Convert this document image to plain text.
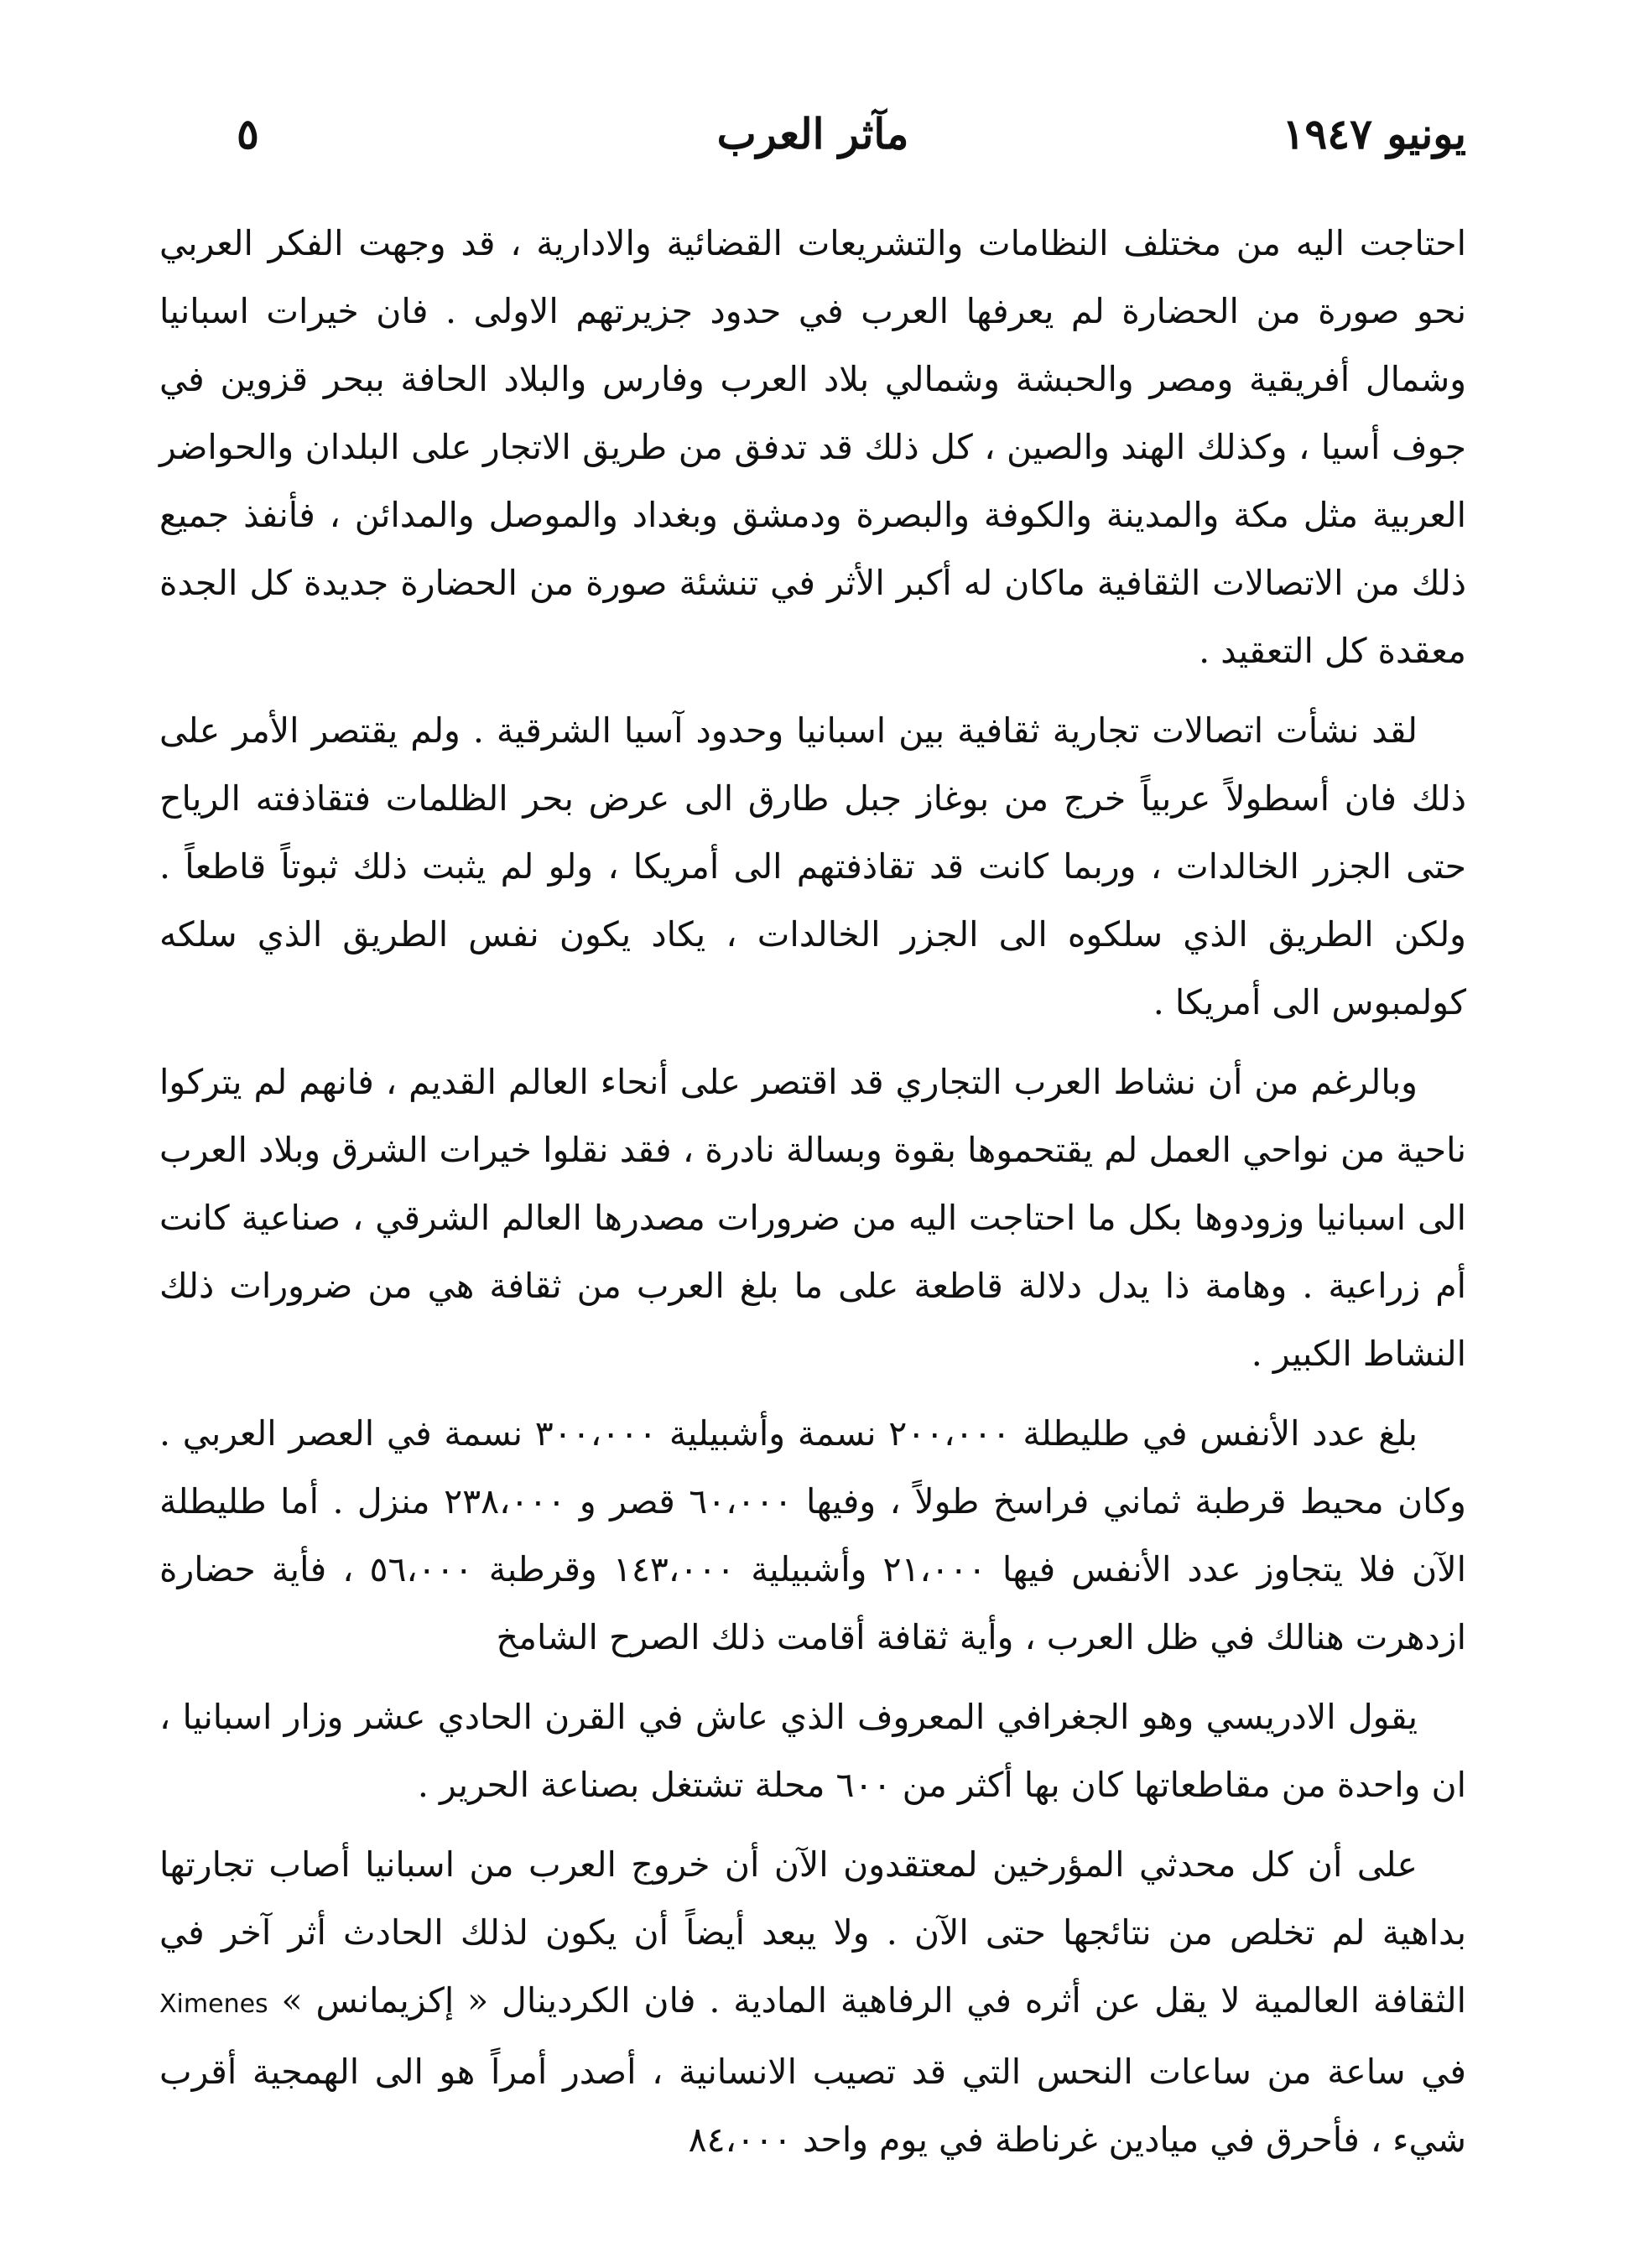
٥	مآثر العرب	يونيو ١٩٤٧

احتاجت اليه من مختلف النظامات والتشريعات القضائية والادارية ، قد وجهت الفكر العربي نحو صورة من الحضارة لم يعرفها العرب في حدود جزيرتهم الاولى . فان خيرات اسبانيا وشمال أفريقية ومصر والحبشة وشمالي بلاد العرب وفارس والبلاد الحافة ببحر قزوين في جوف أسيا ، وكذلك الهند والصين ، كل ذلك قد تدفق من طريق الاتجار على البلدان والحواضر العربية مثل مكة والمدينة والكوفة والبصرة ودمشق وبغداد والموصل والمدائن ، فأنفذ جميع ذلك من الاتصالات الثقافية ماكان له أكبر الأثر في تنشئة صورة من الحضارة جديدة كل الجدة معقدة كل التعقيد .

لقد نشأت اتصالات تجارية ثقافية بين اسبانيا وحدود آسيا الشرقية . ولم يقتصر الأمر على ذلك فان أسطولاً عربياً خرج من بوغاز جبل طارق الى عرض بحر الظلمات فتقاذفته الرياح حتى الجزر الخالدات ، وربما كانت قد تقاذفتهم الى أمريكا ، ولو لم يثبت ذلك ثبوتاً قاطعاً . ولكن الطريق الذي سلكوه الى الجزر الخالدات ، يكاد يكون نفس الطريق الذي سلكه كولمبوس الى أمريكا .

وبالرغم من أن نشاط العرب التجاري قد اقتصر على أنحاء العالم القديم ، فانهم لم يتركوا ناحية من نواحي العمل لم يقتحموها بقوة وبسالة نادرة ، فقد نقلوا خيرات الشرق وبلاد العرب الى اسبانيا وزودوها بكل ما احتاجت اليه من ضرورات مصدرها العالم الشرقي ، صناعية كانت أم زراعية . وهامة ذا يدل دلالة قاطعة على ما بلغ العرب من ثقافة هي من ضرورات ذلك النشاط الكبير .

بلغ عدد الأنفس في طليطلة ٢٠٠،٠٠٠ نسمة وأشبيلية ٣٠٠،٠٠٠ نسمة في العصر العربي . وكان محيط قرطبة ثماني فراسخ طولاً ، وفيها ٦٠،٠٠٠ قصر و ٢٣٨،٠٠٠ منزل . أما طليطلة الآن فلا يتجاوز عدد الأنفس فيها ٢١،٠٠٠ وأشبيلية ١٤٣،٠٠٠ وقرطبة ٥٦،٠٠٠ ، فأية حضارة ازدهرت هنالك في ظل العرب ، وأية ثقافة أقامت ذلك الصرح الشامخ

يقول الادريسي وهو الجغرافي المعروف الذي عاش في القرن الحادي عشر وزار اسبانيا ، ان واحدة من مقاطعاتها كان بها أكثر من ٦٠٠ محلة تشتغل بصناعة الحرير .

على أن كل محدثي المؤرخين لمعتقدون الآن أن خروج العرب من اسبانيا أصاب تجارتها بداهية لم تخلص من نتائجها حتى الآن . ولا يبعد أيضاً أن يكون لذلك الحادث أثر آخر في الثقافة العالمية لا يقل عن أثره في الرفاهية المادية . فان الكردينال « إكزيمانس » Ximenes في ساعة من ساعات النحس التي قد تصيب الانسانية ، أصدر أمراً هو الى الهمجية أقرب شيء ، فأحرق في ميادين غرناطة في يوم واحد ٨٤،٠٠٠
